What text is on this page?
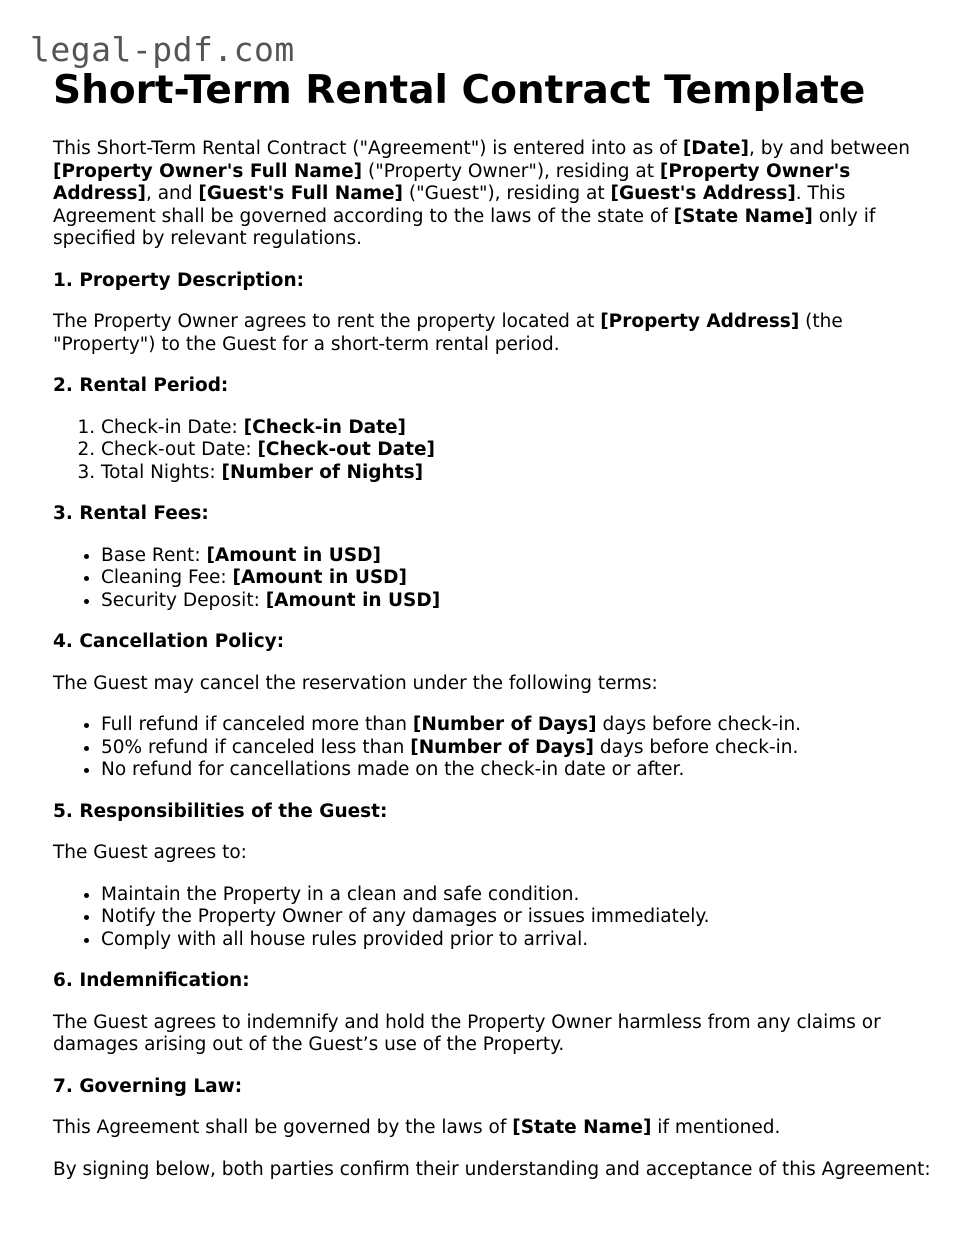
legal-pdf.com
Short-Term Rental Contract Template

This Short-Term Rental Contract ("Agreement") is entered into as of [Date], by and between [Property Owner's Full Name] ("Property Owner"), residing at [Property Owner's Address], and [Guest's Full Name] ("Guest"), residing at [Guest's Address]. This Agreement shall be governed according to the laws of the state of [State Name] only if specified by relevant regulations.

1. Property Description:

The Property Owner agrees to rent the property located at [Property Address] (the "Property") to the Guest for a short-term rental period.

2. Rental Period:
1. Check-in Date: [Check-in Date]
2. Check-out Date: [Check-out Date]
3. Total Nights: [Number of Nights]
3. Rental Fees:
• Base Rent: [Amount in USD]
• Cleaning Fee: [Amount in USD]
• Security Deposit: [Amount in USD]
4. Cancellation Policy:

The Guest may cancel the reservation under the following terms:

• Full refund if canceled more than [Number of Days] days before check-in.
• 50% refund if canceled less than [Number of Days] days before check-in.
• No refund for cancellations made on the check-in date or after.
5. Responsibilities of the Guest:

The Guest agrees to:

• Maintain the Property in a clean and safe condition.
• Notify the Property Owner of any damages or issues immediately.
• Comply with all house rules provided prior to arrival.
6. Indemnification:

The Guest agrees to indemnify and hold the Property Owner harmless from any claims or damages arising out of the Guest’s use of the Property.

7. Governing Law:

This Agreement shall be governed by the laws of [State Name] if mentioned.

By signing below, both parties confirm their understanding and acceptance of this Agreement:
